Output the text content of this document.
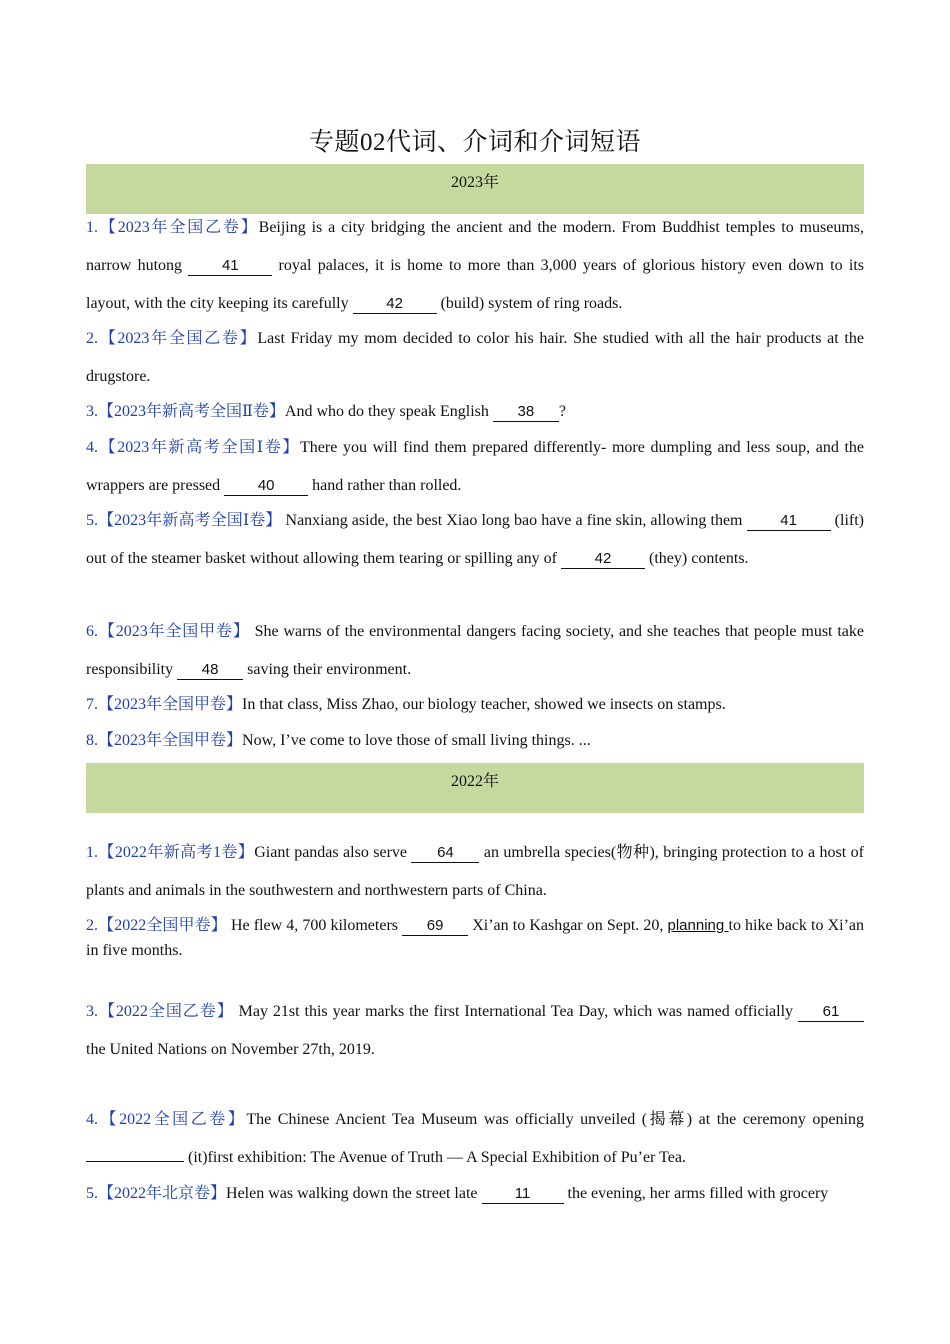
专题02代词、介词和介词短语
2023年
1.【2023年全国乙卷】Beijing is a city bridging the ancient and the modern. From Buddhist temples to museums, narrow hutong 41 royal palaces, it is home to more than 3,000 years of glorious history even down to its layout, with the city keeping its carefully 42 (build) system of ring roads.
2.【2023年全国乙卷】Last Friday my mom decided to color his hair. She studied with all the hair products at the drugstore.
3.【2023年新高考全国Ⅱ卷】And who do they speak English 38 ?
4.【2023年新高考全国Ⅰ卷】There you will find them prepared differently- more dumpling and less soup, and the wrappers are pressed 40 hand rather than rolled.
5.【2023年新高考全国Ⅰ卷】 Nanxiang aside, the best Xiao long bao have a fine skin, allowing them 41 (lift) out of the steamer basket without allowing them tearing or spilling any of 42 (they) contents.
6.【2023年全国甲卷】 She warns of the environmental dangers facing society, and she teaches that people must take responsibility 48 saving their environment.
7.【2023年全国甲卷】In that class, Miss Zhao, our biology teacher, showed we insects on stamps.
8.【2023年全国甲卷】Now, I’ve come to love those of small living things. ...
2022年
1.【2022年新高考1卷】Giant pandas also serve 64 an umbrella species(物种), bringing protection to a host of plants and animals in the southwestern and northwestern parts of China.
2.【2022全国甲卷】 He flew 4, 700 kilometers 69 Xi’an to Kashgar on Sept. 20, planning to hike back to Xi’an in five months.
3.【2022全国乙卷】 May 21st this year marks the first International Tea Day, which was named officially 61 the United Nations on November 27th, 2019.
4.【2022全国乙卷】The Chinese Ancient Tea Museum was officially unveiled (揭幕) at the ceremony opening  (it)first exhibition: The Avenue of Truth — A Special Exhibition of Pu’er Tea.
5.【2022年北京卷】Helen was walking down the street late 11 the evening, her arms filled with grocery
